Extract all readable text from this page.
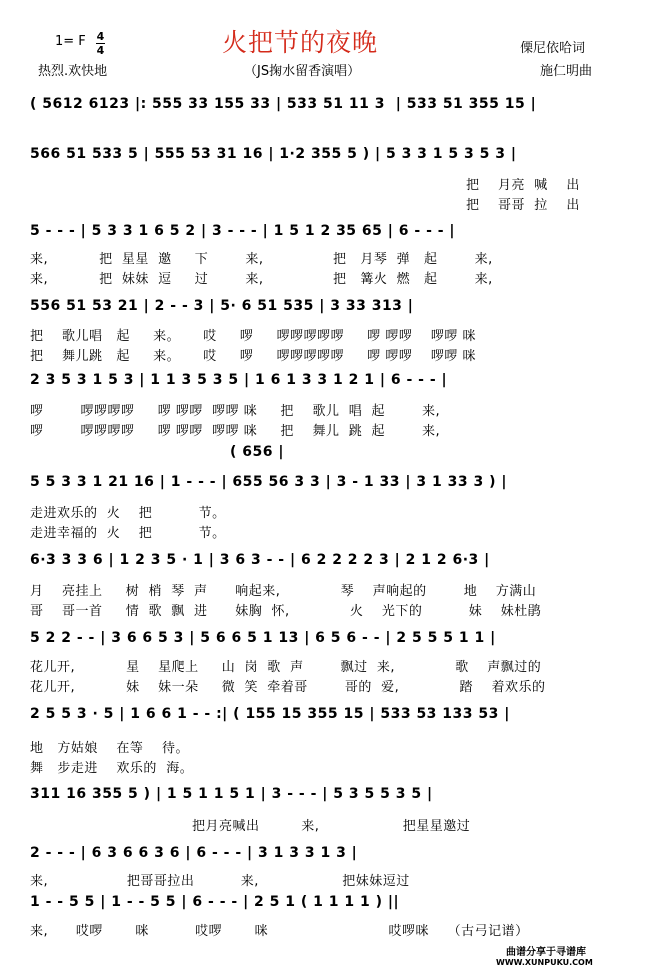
1= F 4
4	火把节的夜晚	傈尼依哈词
热烈.欢快地	（JS掬水留香演唱）	施仁明曲
( 5612 6123 |: 555 33 155 33 | 533 51 11 3  | 533 51 355 15 |
566 51 533 5 | 555 53 31 16 | 1·2 355 5 ) | 5 3 3 1 5 3 5 3 |
把    月亮  喊    出
把    哥哥  拉    出
5 - - - | 5 3 3 1 6 5 2 | 3 - - - | 1 5 1 2 35 65 | 6 - - - |
来,           把  星星  邀     下        来,               把   月琴  弹   起        来,
来,           把  妹妹  逗     过        来,               把   篝火  燃   起        来,
556 51 53 21 | 2 - - 3 | 5· 6 51 535 | 3 33 313 |
把    歌儿唱   起     来。     哎     啰     啰啰啰啰啰     啰 啰啰    啰啰 咪
把    舞儿跳   起     来。     哎     啰     啰啰啰啰啰     啰 啰啰    啰啰 咪
2 3 5 3 1 5 3 | 1 1 3 5 3 5 | 1 6 1 3 3 1 2 1 | 6 - - - |
啰        啰啰啰啰     啰 啰啰  啰啰 咪     把    歌儿  唱  起        来,
啰        啰啰啰啰     啰 啰啰  啰啰 咪     把    舞儿  跳  起        来,
( 656 |
5 5 3 3 1 21 16 | 1 - - - | 655 56 3 3 | 3 - 1 33 | 3 1 33 3 ) |
走进欢乐的  火    把          节。
走进幸福的  火    把          节。
6·3 3 3 6 | 1 2 3 5 · 1 | 3 6 3 - - | 6 2 2 2 2 3 | 2 1 2 6·3 |
月    亮挂上     树  梢  琴  声      响起来,             琴    声响起的        地    方满山
哥    哥一首     情  歌  飘  进      妹胸  怀,             火    光下的          妹    妹杜鹃
5 2 2 - - | 3 6 6 5 3 | 5 6 6 5 1 13 | 6 5 6 - - | 2 5 5 5 1 1 |
花儿开,           星    星爬上     山  岗  歌  声        飘过  来,             歌    声飘过的
花儿开,           妹    妹一朵     微  笑  牵着哥        哥的  爱,             踏    着欢乐的
2 5 5 3 · 5 | 1 6 6 1 - - :| ( 155 15 355 15 | 533 53 133 53 |
地   方姑娘    在等    待。
舞   步走进    欢乐的  海。
311 16 355 5 ) | 1 5 1 1 5 1 | 3 - - - | 5 3 5 5 3 5 |
把月亮喊出         来,                  把星星邀过
2 - - - | 6 3 6 6 3 6 | 6 - - - | 3 1 3 3 1 3 |
来,                 把哥哥拉出          来,                  把妹妹逗过
1 - - 5 5 | 1 - - 5 5 | 6 - - - | 2 5 1 ( 1 1 1 1 ) ||
来,      哎啰       咪          哎啰       咪                          哎啰咪    （古弓记谱）
曲谱分享于寻谱库
WWW.XUNPUKU.COM
